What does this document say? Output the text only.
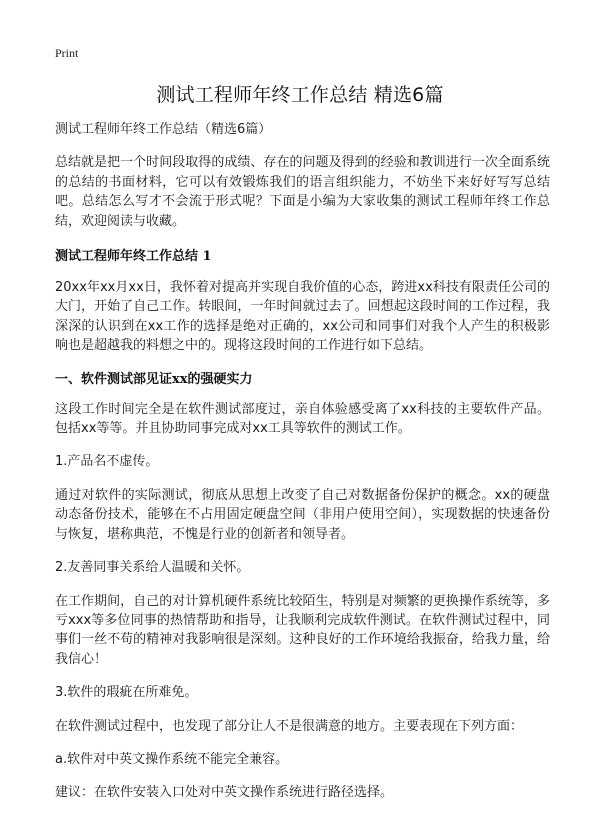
Print
测试工程师年终工作总结 精选6篇

测试工程师年终工作总结（精选6篇）

总结就是把一个时间段取得的成绩、存在的问题及得到的经验和教训进行一次全面系统的总结的书面材料，它可以有效锻炼我们的语言组织能力，不妨坐下来好好写写总结吧。总结怎么写才不会流于形式呢？下面是小编为大家收集的测试工程师年终工作总结，欢迎阅读与收藏。

测试工程师年终工作总结 1

20xx年xx月xx日，我怀着对提高并实现自我价值的心态，跨进xx科技有限责任公司的大门，开始了自己工作。转眼间，一年时间就过去了。回想起这段时间的工作过程，我深深的认识到在xx工作的选择是绝对正确的，xx公司和同事们对我个人产生的积极影响也是超越我的料想之中的。现将这段时间的工作进行如下总结。

一、软件测试部见证xx的强硬实力

这段工作时间完全是在软件测试部度过，亲自体验感受离了xx科技的主要软件产品。包括xx等等。并且协助同事完成对xx工具等软件的测试工作。

1.产品名不虚传。

通过对软件的实际测试，彻底从思想上改变了自己对数据备份保护的概念。xx的硬盘动态备份技术，能够在不占用固定硬盘空间（非用户使用空间），实现数据的快速备份与恢复，堪称典范，不愧是行业的创新者和领导者。

2.友善同事关系给人温暖和关怀。

在工作期间，自己的对计算机硬件系统比较陌生，特别是对频繁的更换操作系统等，多亏xxx等多位同事的热情帮助和指导，让我顺利完成软件测试。在软件测试过程中，同事们一丝不苟的精神对我影响很是深刻。这种良好的工作环境给我振奋，给我力量，给我信心！

3.软件的瑕疵在所难免。

在软件测试过程中，也发现了部分让人不是很满意的地方。主要表现在下列方面：

a.软件对中英文操作系统不能完全兼容。

建议：在软件安装入口处对中英文操作系统进行路径选择。
